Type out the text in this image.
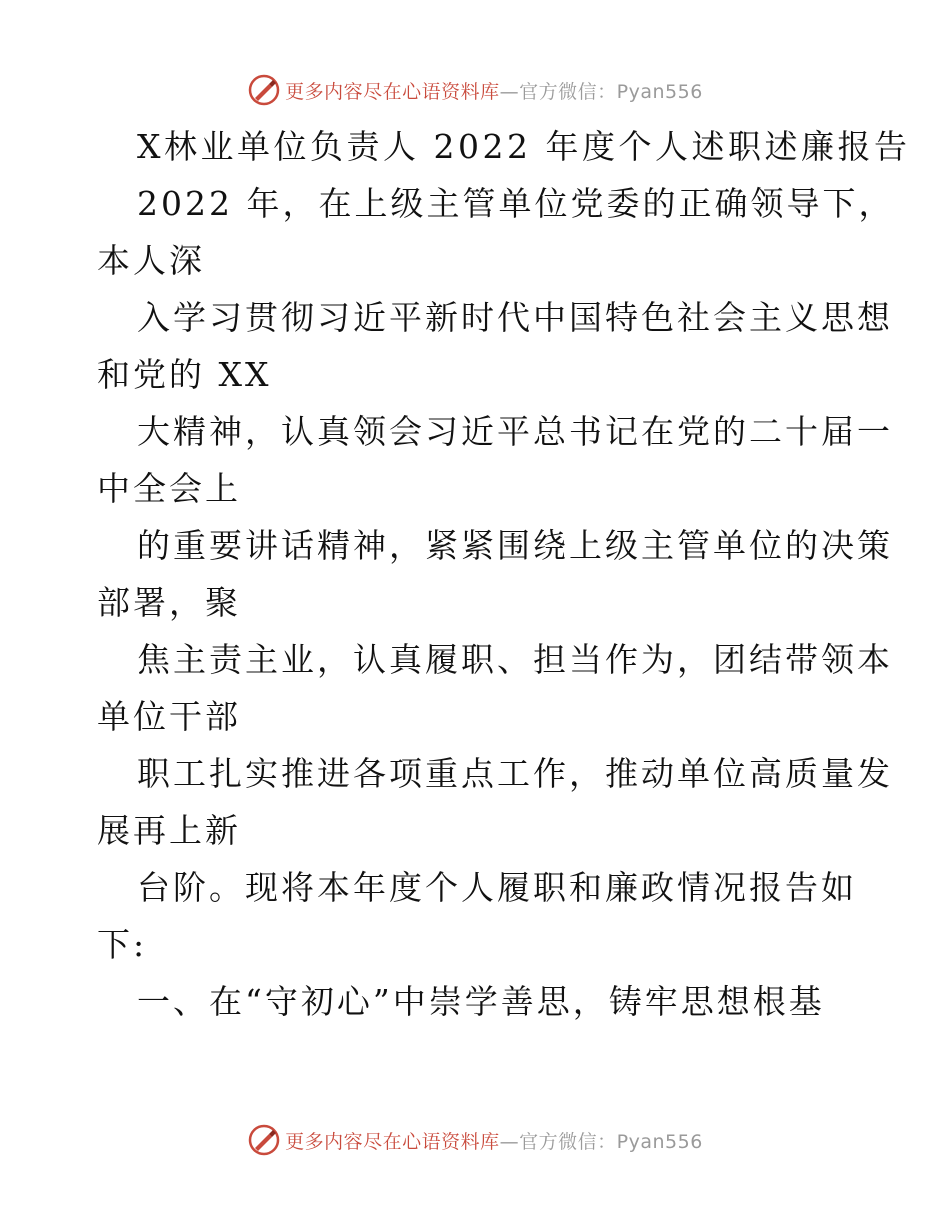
更多内容尽在心语资料库—官方微信：Pyan556
X林业单位负责人 2022 年度个人述职述廉报告
2022 年，在上级主管单位党委的正确领导下，
本人深
入学习贯彻习近平新时代中国特色社会主义思想
和党的 XX
大精神，认真领会习近平总书记在党的二十届一
中全会上
的重要讲话精神，紧紧围绕上级主管单位的决策
部署，聚
焦主责主业，认真履职、担当作为，团结带领本
单位干部
职工扎实推进各项重点工作，推动单位高质量发
展再上新
台阶。现将本年度个人履职和廉政情况报告如
下:
一、在“守初心”中崇学善思，铸牢思想根基
更多内容尽在心语资料库—官方微信：Pyan556
